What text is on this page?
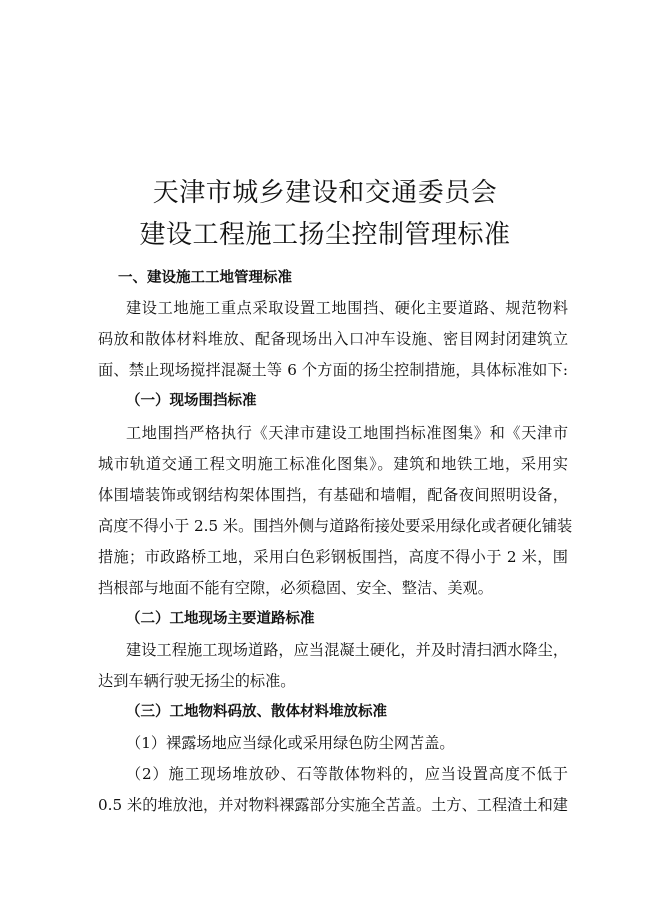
天津市城乡建设和交通委员会
建设工程施工扬尘控制管理标准
一、建设施工工地管理标准
建设工地施工重点采取设置工地围挡、硬化主要道路、规范物料
码放和散体材料堆放、配备现场出入口冲车设施、密目网封闭建筑立
面、禁止现场搅拌混凝土等 6 个方面的扬尘控制措施，具体标准如下:
（一）现场围挡标准
工地围挡严格执行《天津市建设工地围挡标准图集》和《天津市
城市轨道交通工程文明施工标准化图集》。建筑和地铁工地，采用实
体围墙装饰或钢结构架体围挡，有基础和墙帽，配备夜间照明设备，
高度不得小于 2.5 米。围挡外侧与道路衔接处要采用绿化或者硬化铺装
措施；市政路桥工地，采用白色彩钢板围挡，高度不得小于 2 米，围
挡根部与地面不能有空隙，必须稳固、安全、整洁、美观。
（二）工地现场主要道路标准
建设工程施工现场道路，应当混凝土硬化，并及时清扫洒水降尘，
达到车辆行驶无扬尘的标准。
（三）工地物料码放、散体材料堆放标准
（1）裸露场地应当绿化或采用绿色防尘网苫盖。
（2）施工现场堆放砂、石等散体物料的，应当设置高度不低于
0.5 米的堆放池，并对物料裸露部分实施全苫盖。土方、工程渣土和建
